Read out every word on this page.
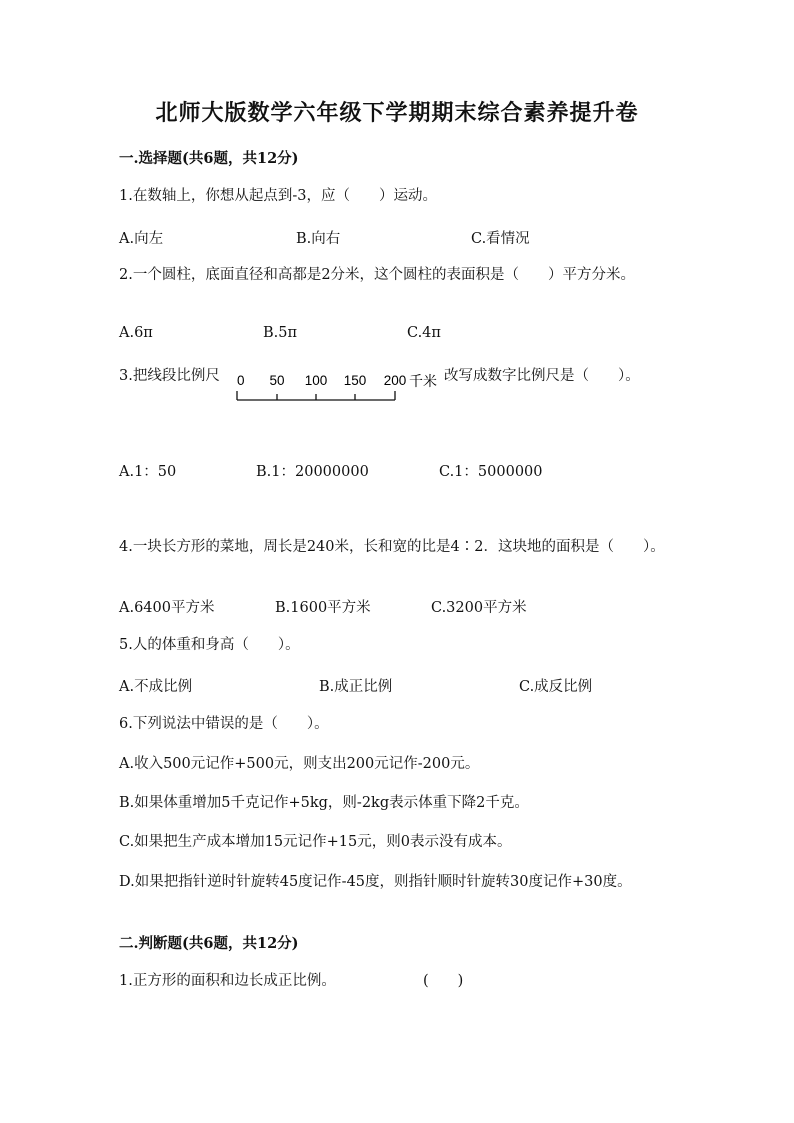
北师大版数学六年级下学期期末综合素养提升卷
一.选择题(共6题，共12分)
1.在数轴上，你想从起点到-3，应（　　）运动。
A.向左	B.向右	C.看情况
2.一个圆柱，底面直径和高都是2分米，这个圆柱的表面积是（　　）平方分米。
A.6π	B.5π	C.4π
3.把线段比例尺 0 50 100 150 200 千米 改写成数字比例尺是（　　）。
A.1：50	B.1：20000000	C.1：5000000
4.一块长方形的菜地，周长是240米，长和宽的比是4∶2．这块地的面积是（　　）。
A.6400平方米	B.1600平方米	C.3200平方米
5.人的体重和身高（　　）。
A.不成比例	B.成正比例	C.成反比例
6.下列说法中错误的是（　　）。
A.收入500元记作+500元，则支出200元记作-200元。
B.如果体重增加5千克记作+5kg，则-2kg表示体重下降2千克。
C.如果把生产成本增加15元记作+15元，则0表示没有成本。
D.如果把指针逆时针旋转45度记作-45度，则指针顺时针旋转30度记作+30度。
二.判断题(共6题，共12分)
1.正方形的面积和边长成正比例。	(　　)
